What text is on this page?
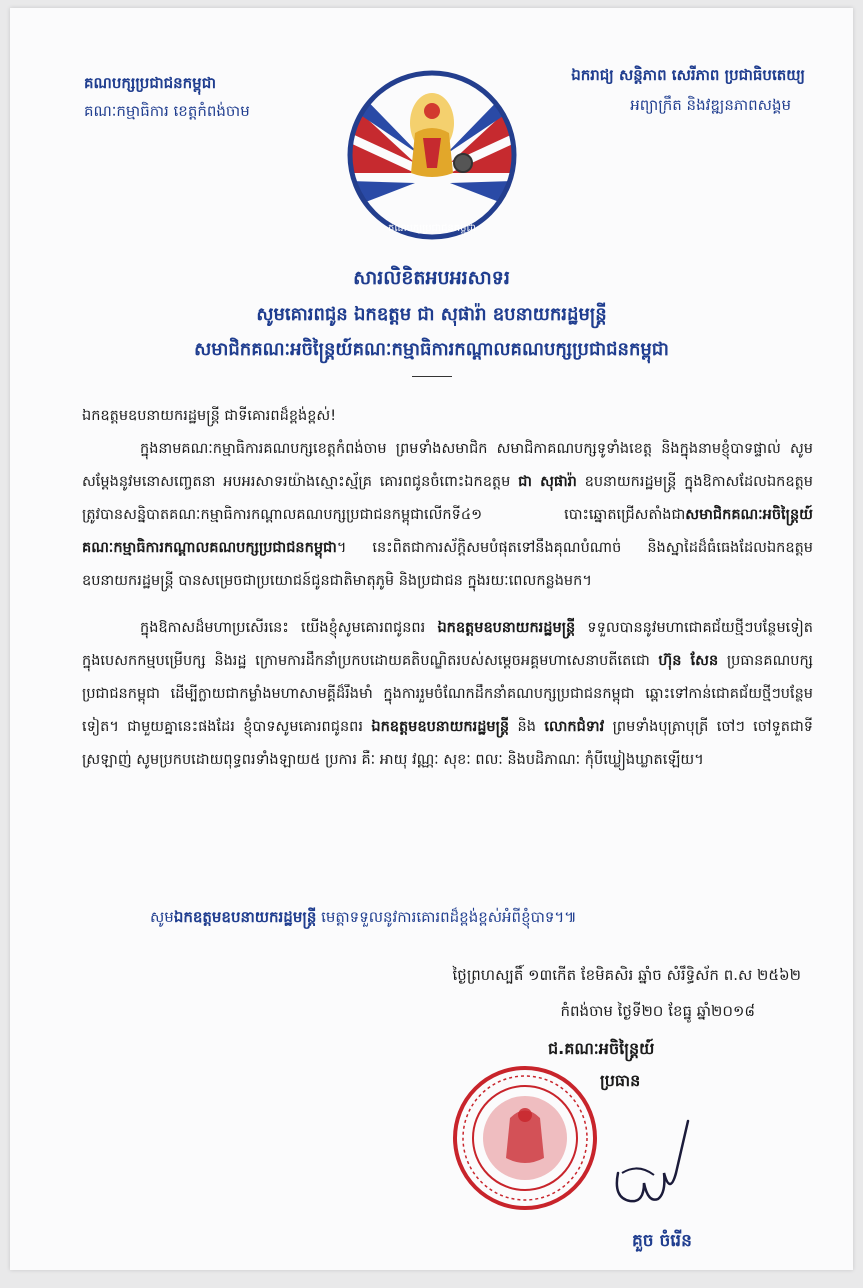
គណបក្សប្រជាជនកម្ពុជា
គណៈកម្មាធិការ ខេត្តកំពង់ចាម
គណបក្សប្រជាជនកម្ពុជា
ឯករាជ្យ សន្តិភាព សេរីភាព ប្រជាធិបតេយ្យ
អព្យាក្រឹត និងវឌ្ឍនភាពសង្គម
សារលិខិតអបអរសាទរ
សូមគោរពជូន ឯកឧត្តម ជា សុផារ៉ា ឧបនាយករដ្ឋមន្ត្រី
សមាជិកគណៈអចិន្ត្រៃយ៍គណៈកម្មាធិការកណ្តាលគណបក្សប្រជាជនកម្ពុជា
ឯកឧត្តមឧបនាយករដ្ឋមន្ត្រី ជាទីគោរពដ៏ខ្ពង់ខ្ពស់!

ក្នុងនាមគណៈកម្មាធិការគណបក្សខេត្តកំពង់ចាម ព្រមទាំងសមាជិក សមាជិកាគណបក្សទូទាំងខេត្ត និងក្នុងនាមខ្ញុំបាទផ្ទាល់ សូមសម្តែងនូវមនោសញ្ចេតនា អបអរសាទរយ៉ាងស្មោះស្ម័គ្រ គោរពជូនចំពោះឯកឧត្តម ជា សុផារ៉ា ឧបនាយករដ្ឋមន្ត្រី ក្នុងឱកាសដែលឯកឧត្តម ត្រូវបានសន្និបាតគណៈកម្មាធិការកណ្តាលគណបក្សប្រជាជនកម្ពុជាលើកទី៤១ បោះឆ្នោតជ្រើសតាំងជាសមាជិកគណៈអចិន្ត្រៃយ៍គណៈកម្មាធិការកណ្តាលគណបក្សប្រជាជនកម្ពុជា។ នេះពិតជាការស័ក្តិសមបំផុតទៅនឹងគុណបំណាច់ និងស្នាដៃដ៏ធំធេងដែលឯកឧត្តមឧបនាយករដ្ឋមន្ត្រី បានសម្រេចជាប្រយោជន៍ជូនជាតិមាតុភូមិ និងប្រជាជន ក្នុងរយៈពេលកន្លងមក។

ក្នុងឱកាសដ៏មហាប្រសើរនេះ យើងខ្ញុំសូមគោរពជូនពរ ឯកឧត្តមឧបនាយករដ្ឋមន្ត្រី ទទួលបាននូវមហាជោគជ័យថ្មីៗបន្ថែមទៀត ក្នុងបេសកកម្មបម្រើបក្ស និងរដ្ឋ ក្រោមការដឹកនាំប្រកបដោយគតិបណ្ឌិតរបស់សម្តេចអគ្គមហាសេនាបតីតេជោ ហ៊ុន សែន ប្រធានគណបក្សប្រជាជនកម្ពុជា ដើម្បីក្លាយជាកម្លាំងមហាសាមគ្គីដ៏រឹងមាំ ក្នុងការរួមចំណែកដឹកនាំគណបក្សប្រជាជនកម្ពុជា ឆ្ពោះទៅកាន់ជោគជ័យថ្មីៗបន្ថែមទៀត។ ជាមួយគ្នានេះផងដែរ ខ្ញុំបាទសូមគោរពជូនពរ ឯកឧត្តមឧបនាយករដ្ឋមន្ត្រី និង លោកជំទាវ ព្រមទាំងបុត្រាបុត្រី ចៅៗ ចៅទួតជាទីស្រឡាញ់ សូមប្រកបដោយពុទ្ធពរទាំងឡាយ៥ ប្រការ គឺៈ អាយុ វណ្ណៈ សុខៈ ពលៈ និងបដិភាណៈ កុំបីឃ្លៀងឃ្លាតឡើយ។

សូមឯកឧត្តមឧបនាយករដ្ឋមន្ត្រី មេត្តាទទួលនូវការគោរពដ៏ខ្ពង់ខ្ពស់អំពីខ្ញុំបាទ។៕
ថ្ងៃព្រហស្បតិ៍ ១៣កើត ខែមិគសិរ ឆ្នាំច សំរឹទ្ធិស័ក ព.ស ២៥៦២
កំពង់ចាម ថ្ងៃទី២០ ខែធ្នូ ឆ្នាំ២០១៨
ជ.គណៈអចិន្ត្រៃយ៍
ប្រធាន
គួច ចំរើន
